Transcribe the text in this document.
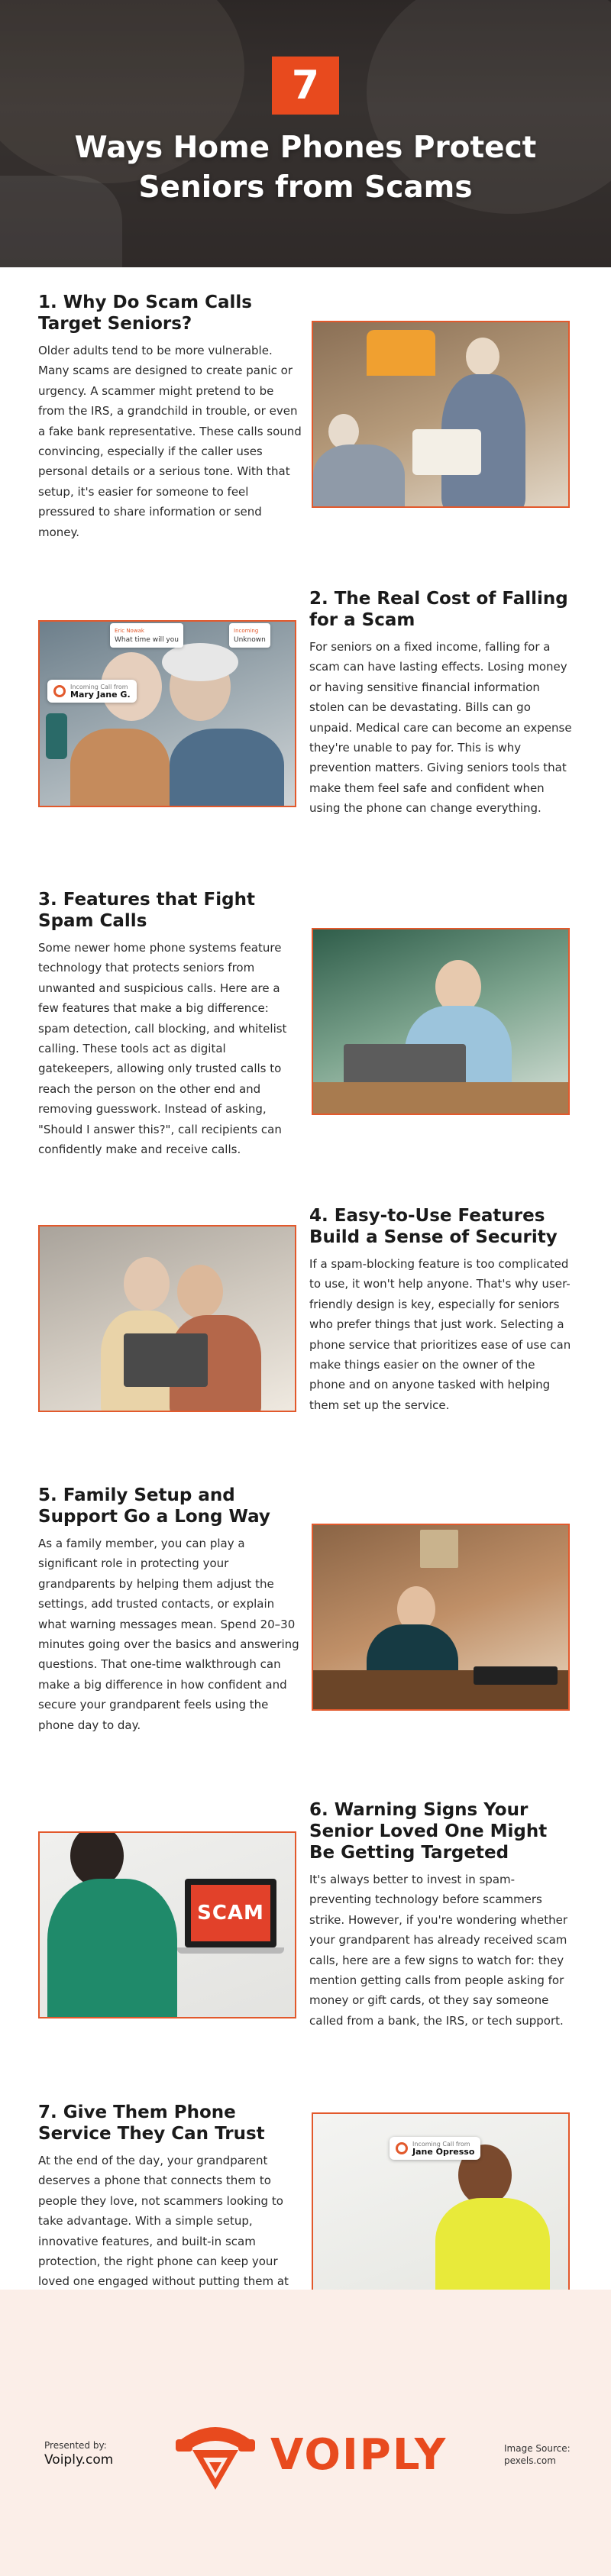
7
Ways Home Phones Protect Seniors from Scams
1. Why Do Scam Calls Target Seniors?

Older adults tend to be more vulnerable. Many scams are designed to create panic or urgency. A scammer might pretend to be from the IRS, a grandchild in trouble, or even a fake bank representative. These calls sound convincing, especially if the caller uses personal details or a serious tone. With that setup, it's easier for someone to feel pressured to share information or send money.

Eric Nowak
What time will you
Incoming
Unknown
Incoming Call from
Mary Jane G.
2. The Real Cost of Falling for a Scam

For seniors on a fixed income, falling for a scam can have lasting effects. Losing money or having sensitive financial information stolen can be devastating. Bills can go unpaid. Medical care can become an expense they're unable to pay for. This is why prevention matters. Giving seniors tools that make them feel safe and confident when using the phone can change everything.

3. Features that Fight Spam Calls

Some newer home phone systems feature technology that protects seniors from unwanted and suspicious calls. Here are a few features that make a big difference: spam detection, call blocking, and whitelist calling. These tools act as digital gatekeepers, allowing only trusted calls to reach the person on the other end and removing guesswork. Instead of asking, "Should I answer this?", call recipients can confidently make and receive calls.

4. Easy-to-Use Features Build a Sense of Security

If a spam-blocking feature is too complicated to use, it won't help anyone. That's why user-friendly design is key, especially for seniors who prefer things that just work. Selecting a phone service that prioritizes ease of use can make things easier on the owner of the phone and on anyone tasked with helping them set up the service.

5. Family Setup and Support Go a Long Way

As a family member, you can play a significant role in protecting your grandparents by helping them adjust the settings, add trusted contacts, or explain what warning messages mean. Spend 20–30 minutes going over the basics and answering questions. That one-time walkthrough can make a big difference in how confident and secure your grandparent feels using the phone day to day.

SCAM
6. Warning Signs Your Senior Loved One Might Be Getting Targeted

It's always better to invest in spam-preventing technology before scammers strike. However, if you're wondering whether your grandparent has already received scam calls, here are a few signs to watch for: they mention getting calls from people asking for money or gift cards, ot they say someone called from a bank, the IRS, or tech support.

7. Give Them Phone Service They Can Trust

At the end of the day, your grandparent deserves a phone that connects them to people they love, not scammers looking to take advantage. With a simple setup, innovative features, and built-in scam protection, the right phone can keep your loved one engaged without putting them at

Incoming Call from
Jane Opresso
Presented by:
Voiply.com	VOIPLY	Image Source:
pexels.com
